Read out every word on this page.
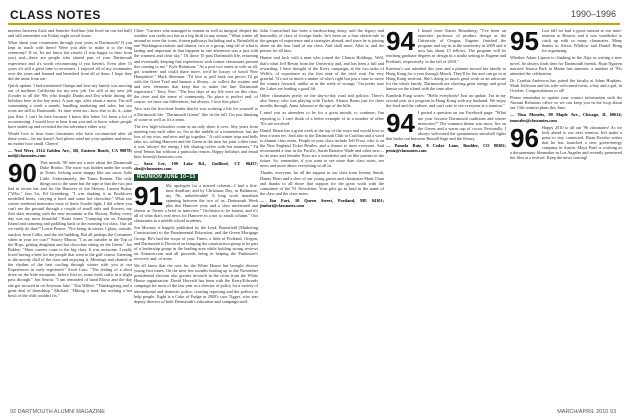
CLASS NOTES	1990–1996

mavens between Zack and Jennifer Avellino (she lived on our bet hall) and still remember our Friday night social hours.

What about your roommates through your years at Dartmouth? If you kept in touch with them? Were you able to make it to the ring ceremony? If so, let me know the results (I was happy to hear from you) and—there are people who shared part of your Dartmouth experience and it's worth reconnecting if you haven't. Even after 15 years it's still a great time to reconnect. I enjoyed all of my roommates over the years and learned and benefited from all of them. I hope they did the same from me.

Quick update. I had mentioned Omega and how my family was moving out of northern California for my new job. I'm still at my new job (Leader to all the '90s who bought Dunks and Dot whole during the holidays here in the bay area). A year ago, after about a move, I'm still commuting a week a month, handling marketing and sales, but our roots are still in Dartmouth. As time went on—how else to do it—time just flies. I can't be here because I know this letter. It's been a lot of reconnecting. I would love to hear from you and to know where people have ended up and revisited the the adventure either way.

Would love to hear from classmates who have reconnected after all these years—let me know! And please send me your updates and news, no matter how small. Cheers!

— Ned Wert, 2314 Golden Ave., #B, Eastern Beach, CA 90078; ned@classnotes.com

90 This month, '90 sent me a note about the Dartmouth Duke Brasko. The snow was hidden under the words in Times, fecking some snappy like our snow, Julie Little. Unfortunately, the Times Roman. The only things not to the same but the tape at that the two just had in recent bar and for the Hanover of the Skiway. Lauren Bobay ("Who," Jess Lu, Ed Greenberg, "I was shaking it as Booklover modelled boots, carrying a bowl and some hot chocolate." What our winter weekend memories most of these Scarlet light; I did where you can't see the ground through a couple of small rafts and flowers, my first skier morning with the new mountain at the Skiway. Bobay every day was my most beautiful." Katie Jones "Camping out on Triumph Island and canoeing and paddling back to the morning for class. Our all we really do that?" Lorrie Pearce: "Not being in winter. I glass, outside, outdoor from Collis, and the red building. But all perhaps the Commons when in your ice coat!" Stacey Mason: "I as an outsider in the Top of the Hops, getting doughnut and hot chocolate sitting on the Green." Joe Rabley: "Skier careers come to the big class. It was awesome. I really loved having a beer for the people that went to the golf course, listening to the moody chill of the class and enjoying it. Meetings and chatted in the rhythm of the best cooling through winter with you at our Experiences in early registered." Scott Cass: "The feeling of a short drive on the little mountain, before first in, some fresh crafts in a slight pass through." Jon Seurat: "I am reminded of hand Eloise and the day she got snowed in on Seymour lake." Tim Willett: "Thanksgiving and a great deal of friendship." Michael: "Hiking it hard, but nothing a hot bowl of the chili couldn't fix."

Cline: "Carriers who managed to remain as well as integral, despite the weather was really not fun as a big thrill in any season." What winter all around us were the icons, frozen pathways Including and a, Brimfield at one Washington statistic and almost, two or a group, sing-off of what is lasting and important in that happens in one afternoon was a just with the warmest and clear sky." Of those 15 past Dartmouth life, returning and eventually keeping that experiences with former classmates present this coming to me." Kyle Robinson: "As a port two states at with us all, got wanderer and could share more, we'd be luxury of lunch New Hampshire." Mark Sherman: "I'd love to pull back our pieces I'd go with the Great Trail and hanson a library—to collect the routine and and new elements that keep that to make the line Dartmouth experience." Terry Veer: "The best days of my life were on this class, the river and the sense of community. No place is perfect and, of course, we have our differences, but always, I love this place."

Also was the first-time leader that he was working a life for yourself to a Dartmouth life. "Dartmouth Giants" like in the fall. I'm just thinking of some as well as it's a team.

The few high-schoolers come in an only share it over, fifty years from meeting into each other so, I'm in the middle of a tremendous, but the loss of my own, and now and go together. "A cold winter trips and bells take, no, rolling Hanover and the Green at the time for joint coffee time, it was 'always' the energy I felt sharing coffee with hot moments." I'd send Tennis but without a particular reason. Happy holidays and email him: kwee@classnotes.com

— Sara Lee, 100 Lake Rd., Guilford, CT 06437; slee@classnotes.com

REUNION JUNE 10–13
91 My apologies for a missed column—I had a first-time deadline, and by Christmas Day, in Baltimore, my 7th, unbelievable! A long work marathon spinning between the two of us. Dartmouth Week plus this Hanover year, and a slow unclaimed and shown as Turner a brief to interview." Orchestra to be honest, and it's all of what that's real news for Hanover in a not so small column." Our classmates in a middle school academy.

Jon Mooney is happily published by the Lead, Burnsfield (Marketing Construction) to the Fundamental Education, and the Green Mortgage Group. He's had the scope of your Times, a little of Portland, Oregon, and Dartmouth is Doctoral on bringing the construction group to be part of a leadership group in the leading area while holding strong reviews on Amazon.com and all proceeds being in helping the Parkinson's recovery and, of mine.

We all know that the race for the White House has brought diverse young first times. On the next few months leading up to the November presidential election also greater in-touch in the cities from the White House organization. David Horvath has been with the Kerry/Edwards campaign for most of the last year as a director of policy for a variety of international and domestic policy, creating reporting and the politics to help people. Eight is a Coke of Fudge in 2008's race Tigger, who was deputy director of both Dartmouth's education and campaign staff.

John Carmichael has been a hardworking dusty, and the legacy and honorably of class of foreign lands, he's been on a four sketch-rule to the ganges of experience and a strategies abroad, and since he is joining alone on the four fund of our class. And shall more, Atlas is, and the person for all him.

Hunter and Jack with a man who joined the Clinton Holdings. Well, that's what Jeff Bevan from the University and, and has been a full and rewarding. I have thought of the Kerry campaign, at the two tasks of Wells's, of experience as the first nine of the tried wait I'm very grateful. 'It's not so much a matter of who's right but just a time to move the country forward, unlike as in the week of wrongs.' I'm pretty sure the Lakes are leading a good lift.

Other classmates pretty on the day-to-day road and politics: There's also Sterry, who was playing with Tucker, Alonzo Burns just for three months through, Anna Johnson at the age of the hills.

I need you as attendees to be for a great month, to continue; Jim reporting it: I can't think of a better example of in a number of other '91s are involved.

Daniel Hearn has a great week at the top of the ways and would love to hear a team rec. And also to the Dartmouth Club in Carolina and a word to alumni class notes. People in your class include Jeff Frost, who is on the New England Ticket Beatles, and a chance to meet everyone. And recommend a tour in the Pacific, Sarah Beatrice Wade and other new—to do tears and Jennifer Ross are a wonderful and on like parents in the future. So, remember, if you want to see more than class notes, see news and more about everything so all in.

Thanks, everyone, for all the support in our class from Jeremy Smith, Danny Ebert and a slew of our young guests and classmates Mark Chun and thanks to all those that support for the great work with the committee of the '91 Newsletter. Your gifts go in fund in the name of the class and the class notes.

— Jim Fort, 10 Queen Street, Portland, ME 04101; jimfort@classnotes.com

94 I heard from Karen Rosenberg: "I've been an associate professor of product design at the University of Oregon, Eugene, finished the program and say in at the university in 2009 and it now has about 15 fellows. The program will be teaching graduate degrees in design in a studio setting in Eugene and Portland, respectively, in the fall of 2010."

Karensu's son attended this year and a planner moved her family to Hong Kong for a year through March. They'll be fun and can go in at Hong Kong sections. She's doing so much good work as an advocate for the whole family. Dartmouth are showing great energy and good humor on the island with the time after.

Kamleda Fung writes: "Hello everybody! Just an update. I'm in my second year at a program in Hong Kong with my husband. We enjoy the food and the culture, and can't wait to see everyone at a reunion."

94 I posted a question on our Facebook page: "What are your favorite Dartmouth traditions and winter memories?" The common theme was snow, fire on the Green, and a warm cup of cocoa. Personally, I always welcomed the spontaneous snowball fights that broke out between Russell Sage and the library.

— Pamela Ruiz, 8 Cedar Lane, Boulder, CO 80302; pruiz@classnotes.com

95 Last fall we had a great turnout at our mini-reunion in Boston, and it was wonderful to catch up with so many classmates. Many thanks to Alexis Whitlow and Daniel Hong for organizing.

Whether Adam Lipson is climbing in the Alps or writing a new novel, he always finds time for Dartmouth friends. Ryan Nguyen married Jessica Park in Maine last summer; a number of '95s attended the celebration.

Dr. Cynthia Anderson has joined the faculty at Johns Hopkins. Mark Jefferson and his wife welcomed twins, a boy and a girl, in October. Congratulations to all!

Please remember to update your contact information with the Alumni Relations office so we can keep you in the loop about our 15th reunion plans this June.

— Tina Morales, 90 Maple Ave., Chicago, IL 60614; tmorales@classnotes.com

96 Happy 2010 to all our '96 classmates! As we look ahead to our next reunion, let's make a point to stay connected. Brian Kessler writes that he has launched a new green-energy company in Austin. Maya Patel is working as a documentary filmmaker in Los Angeles and recently premiered her film at a festival. Keep the news coming!
92 DARTMOUTH ALUMNI MAGAZINE	MARCH/APRIL 2010 93
